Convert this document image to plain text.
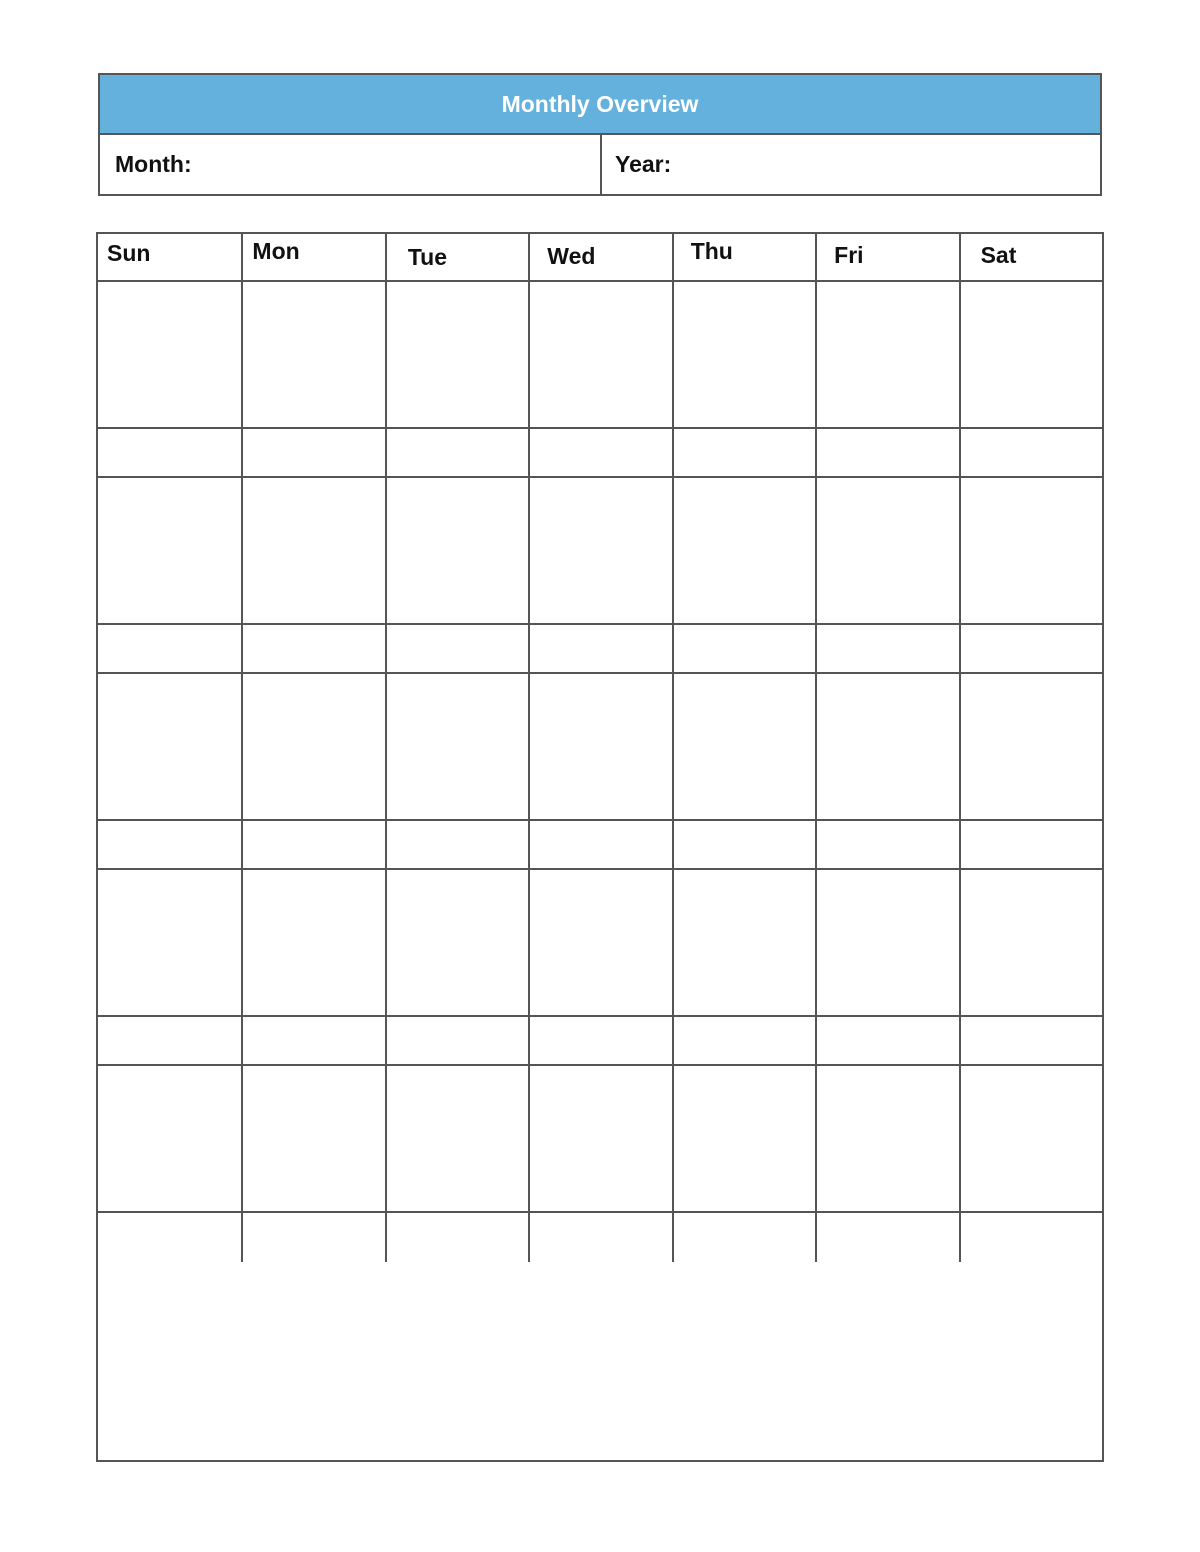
Monthly Overview
Month:	Year:
Sun	Mon	Tue	Wed	Thu	Fri	Sat
